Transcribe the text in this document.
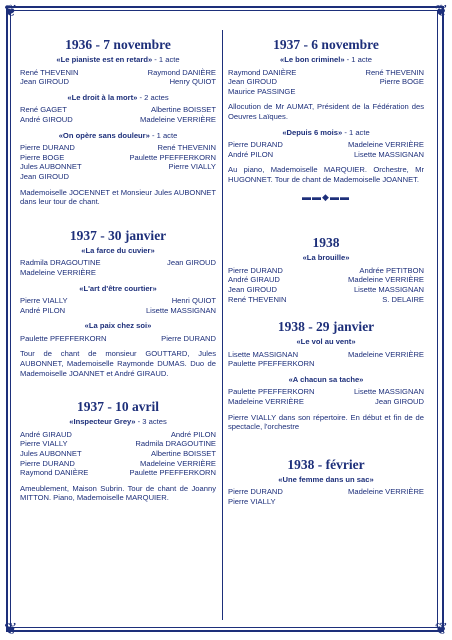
❦	❦
❦	❦
1936 - 7 novembre
«Le pianiste est en retard» - 1 acte
René THEVENIN	Raymond DANIÈRE
Jean GIROUD	Henry QUIOT
«Le droit à la mort» - 2 actes
René GAGET	Albertine BOISSET
André GIROUD	Madeleine VERRIÈRE
«On opère sans douleur» - 1 acte
Pierre DURAND	René THEVENIN
Pierre BOGE	Paulette PFEFFERKORN
Jules AUBONNET	Pierre VIALLY
Jean GIROUD
Mademoiselle JOCENNET et Monsieur Jules AUBONNET dans leur tour de chant.
1937 - 30 janvier
«La farce du cuvier»
Radmila DRAGOUTINE	Jean GIROUD
Madeleine VERRIÈRE
«L'art d'être courtier»
Pierre VIALLY	Henri QUIOT
André PILON	Lisette MASSIGNAN
«La paix chez soi»
Paulette PFEFFERKORN	Pierre DURAND
Tour de chant de monsieur GOUTTARD, Jules AUBONNET, Mademoiselle Raymonde DUMAS. Duo de Mademoiselle JOANNET et André GIRAUD.
1937 - 10 avril
«Inspecteur Grey» - 3 actes
André GIRAUD	André PILON
Pierre VIALLY	Radmila DRAGOUTINE
Jules AUBONNET	Albertine BOISSET
Pierre DURAND	Madeleine VERRIÈRE
Raymond DANIÈRE	Paulette PFEFFERKORN
Ameublement, Maison Subrin. Tour de chant de Joanny MITTON. Piano, Mademoiselle MARQUIER.
1937 - 6 novembre
«Le bon criminel» - 1 acte
Raymond DANIÈRE	René THEVENIN
Jean GIROUD	Pierre BOGE
Maurice PASSINGE
Allocution de Mr AUMAT, Président de la Fédération des Oeuvres Laïques.
«Depuis 6 mois» - 1 acte
Pierre DURAND	Madeleine VERRIÈRE
André PILON	Lisette MASSIGNAN
Au piano, Mademoiselle MARQUIER. Orchestre, Mr HUGONNET. Tour de chant de Mademoiselle JOANNET.
▬▬◆▬▬
1938
«La brouille»
Pierre DURAND	Andrée PETITBON
André GIRAUD	Madeleine VERRIÈRE
Jean GIROUD	Lisette MASSIGNAN
René THEVENIN	S. DELAIRE
1938 - 29 janvier
«Le vol au vent»
Lisette MASSIGNAN	Madeleine VERRIÈRE
Paulette PFEFFERKORN
«A chacun sa tache»
Paulette PFEFFERKORN	Lisette MASSIGNAN
Madeleine VERRIÈRE	Jean GIROUD
Pierre VIALLY dans son répertoire. En début et fin de de spectacle, l'orchestre
1938 - février
«Une femme dans un sac»
Pierre DURAND	Madeleine VERRIÈRE
Pierre VIALLY
